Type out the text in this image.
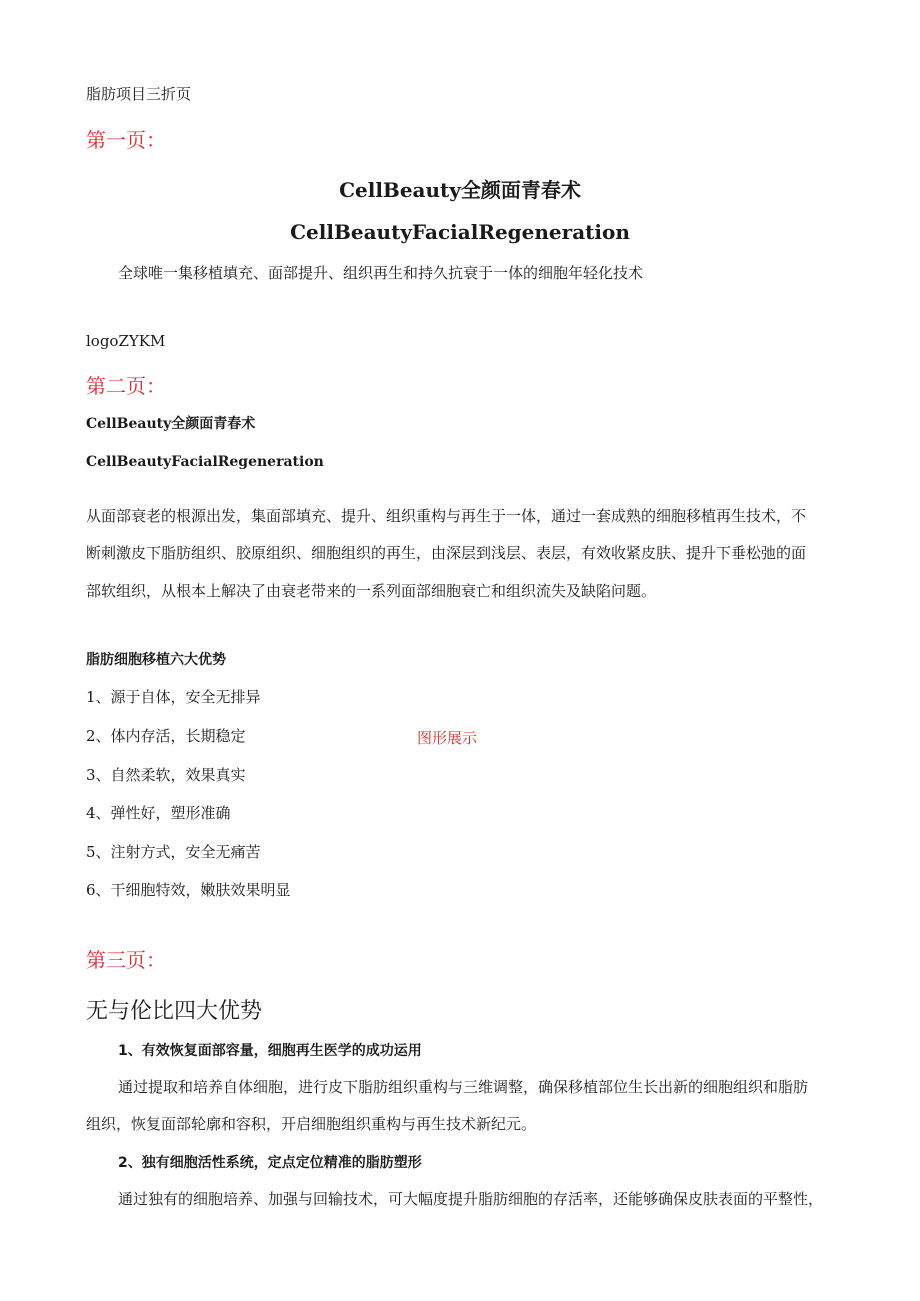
脂肪项目三折页
第一页：
CellBeauty全颜面青春术
CellBeautyFacialRegeneration
全球唯一集移植填充、面部提升、组织再生和持久抗衰于一体的细胞年轻化技术
logoZYKM
第二页：
CellBeauty全颜面青春术
CellBeautyFacialRegeneration
从面部衰老的根源出发，集面部填充、提升、组织重构与再生于一体，通过一套成熟的细胞移植再生技术，不
断刺激皮下脂肪组织、胶原组织、细胞组织的再生，由深层到浅层、表层，有效收紧皮肤、提升下垂松弛的面
部软组织，从根本上解决了由衰老带来的一系列面部细胞衰亡和组织流失及缺陷问题。
脂肪细胞移植六大优势
1、源于自体，安全无排异
2、体内存活，长期稳定
3、自然柔软，效果真实
4、弹性好，塑形准确
5、注射方式，安全无痛苦
6、干细胞特效，嫩肤效果明显
图形展示
第三页：
无与伦比四大优势
1、有效恢复面部容量，细胞再生医学的成功运用
通过提取和培养自体细胞，进行皮下脂肪组织重构与三维调整，确保移植部位生长出新的细胞组织和脂肪
组织，恢复面部轮廓和容积，开启细胞组织重构与再生技术新纪元。
2、独有细胞活性系统，定点定位精准的脂肪塑形
通过独有的细胞培养、加强与回输技术，可大幅度提升脂肪细胞的存活率，还能够确保皮肤表面的平整性，
